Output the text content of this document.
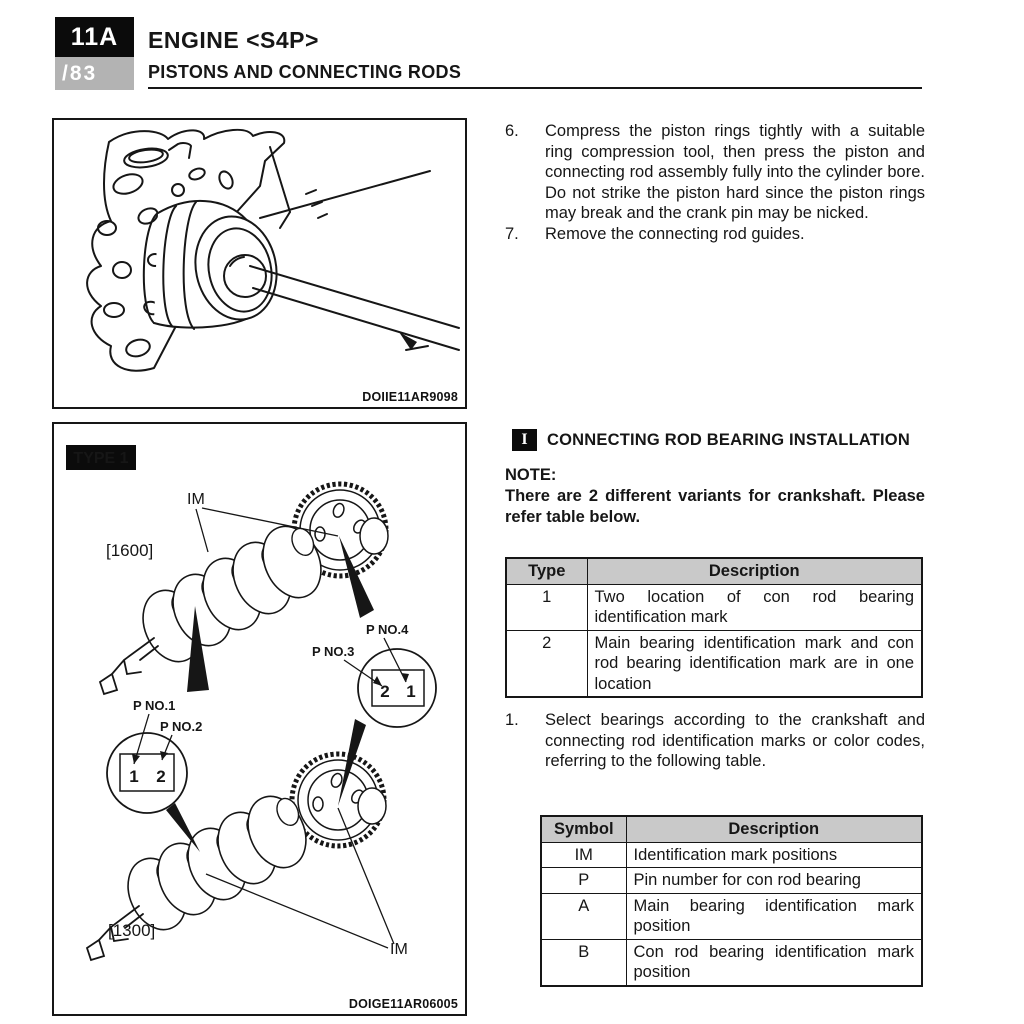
11A
/83
ENGINE <S4P>
PISTONS AND CONNECTING RODS
DOIIE11AR9098
TYPE 1
IM
[1600]
2 1
P NO.4
P NO.3
P NO.1
P NO.2
1 2
[1300]
IM
DOIGE11AR06005
6.	Compress the piston rings tightly with a suitable ring compression tool, then press the piston and connecting rod assembly fully into the cylinder bore. Do not strike the piston hard since the piston rings may break and the crank pin may be nicked.
7.	Remove the connecting rod guides.
I	CONNECTING ROD BEARING INSTALLATION
NOTE:
There are 2 different variants for crankshaft. Please refer table below.
Type	Description
1	Two location of con rod bearing identification mark
2	Main bearing identification mark and con rod bearing identification mark are in one location
1.	Select bearings according to the crankshaft and connecting rod identification marks or color codes, referring to the following table.
Symbol	Description
IM	Identification mark positions
P	Pin number for con rod bearing
A	Main bearing identification mark position
B	Con rod bearing identification mark position
